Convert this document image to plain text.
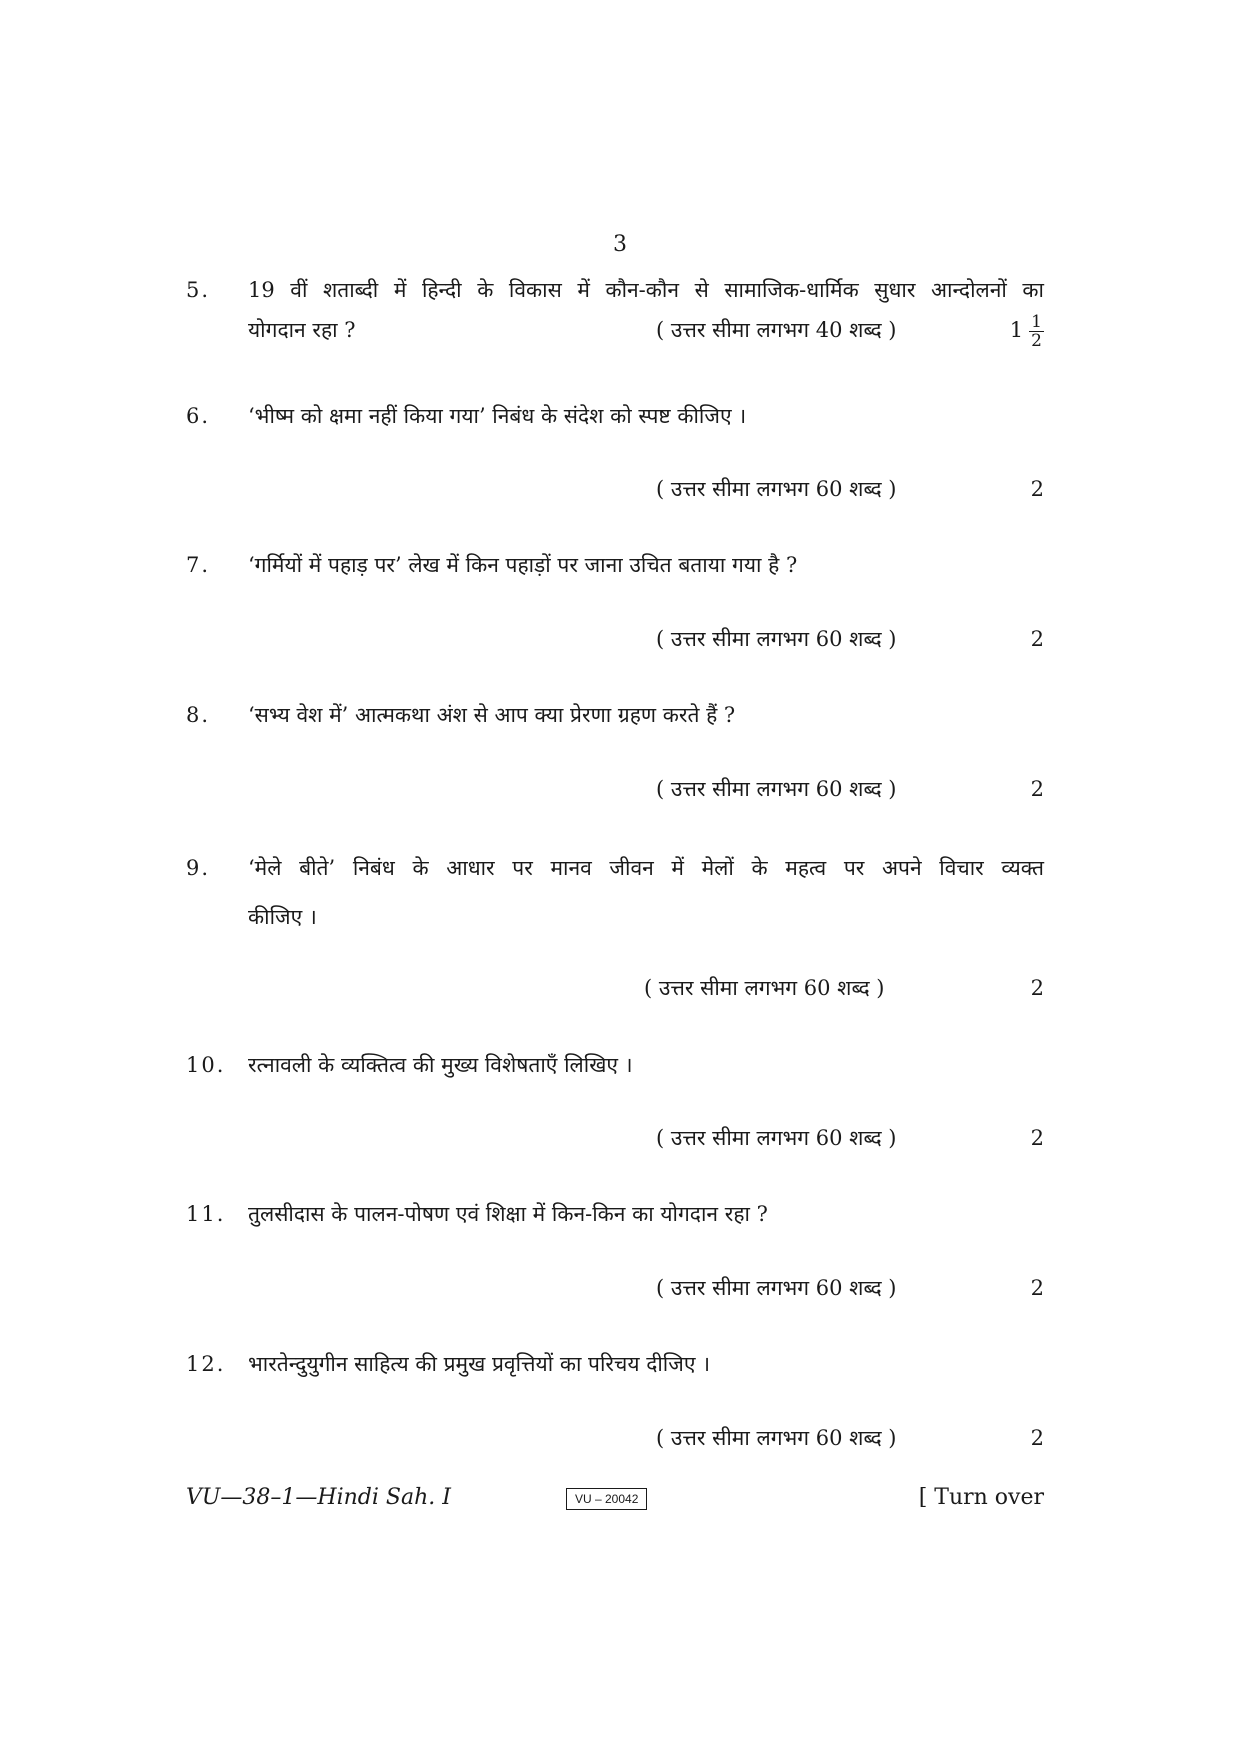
3
5. 19 वीं शताब्दी में हिन्दी के विकास में कौन-कौन से सामाजिक-धार्मिक सुधार आन्दोलनों का
योगदान रहा ?	( उत्तर सीमा लगभग 40 शब्द )	$1 \frac{1}{2}$
6. ‘भीष्म को क्षमा नहीं किया गया’ निबंध के संदेश को स्पष्ट कीजिए ।
( उत्तर सीमा लगभग 60 शब्द )	2
7. ‘गर्मियों में पहाड़ पर’ लेख में किन पहाड़ों पर जाना उचित बताया गया है ?
( उत्तर सीमा लगभग 60 शब्द )	2
8. ‘सभ्य वेश में’ आत्मकथा अंश से आप क्या प्रेरणा ग्रहण करते हैं ?
( उत्तर सीमा लगभग 60 शब्द )	2
9. ‘मेले बीते’ निबंध के आधार पर मानव जीवन में मेलों के महत्व पर अपने विचार व्यक्त
कीजिए ।
( उत्तर सीमा लगभग 60 शब्द )	2
10. रत्नावली के व्यक्तित्व की मुख्य विशेषताएँ लिखिए ।
( उत्तर सीमा लगभग 60 शब्द )	2
11. तुलसीदास के पालन-पोषण एवं शिक्षा में किन-किन का योगदान रहा ?
( उत्तर सीमा लगभग 60 शब्द )	2
12. भारतेन्दुयुगीन साहित्य की प्रमुख प्रवृत्तियों का परिचय दीजिए ।
( उत्तर सीमा लगभग 60 शब्द )	2
VU—38–1—Hindi Sah. I	VU – 20042	[ Turn over
